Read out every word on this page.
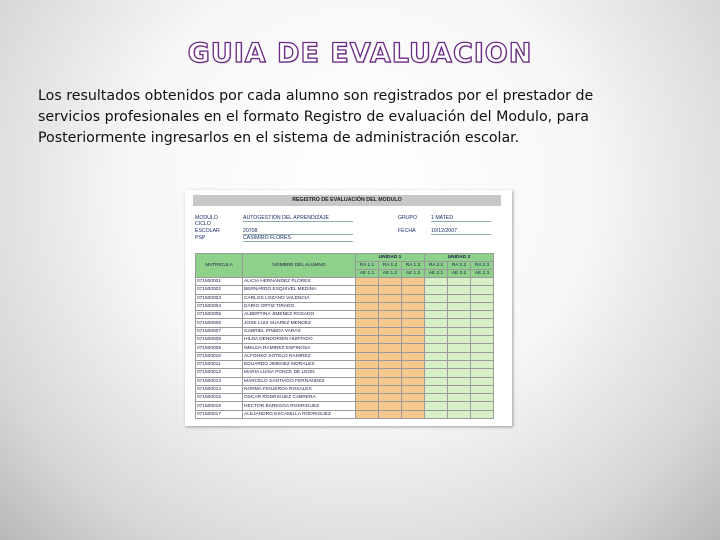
GUIA DE EVALUACION

Los resultados obtenidos por cada alumno son registrados por el prestador de

servicios profesionales en el formato Registro de evaluación del Modulo, para

Posteriormente ingresarlos en el sistema de administración escolar.

REGISTRO DE EVALUACIÓN DEL MODULO
MODULO	AUTOGESTIÓN DEL APRENDIZAJE
CICLO
ESCOLAR	20708
PSP	CASIMIRO FLORES
GRUPO	1 MATED
FECHA	10/12/2007
MATRICULA	NOMBRE DEL ALUMNO	UNIDAD 1			UNIDAD 2		
		RA 1.1	RA 1.2	RA 1.3	RA 2.1	RA 2.2	RA 2.3
		AE 1.1	AE 1.2	AE 1.3	AE 2.1	AE 2.2	AE 2.3
071500001	ALICIA HERNANDEZ FLORES						
071500002	BERNARDO ESQUIVEL MEDINA						
071500003	CARLOS LOZANO VALENCIA						
071500004	DARIO ORTIZ TIRADO						
071500005	ALBERTINA JIMENEZ ROSADO						
071500006	JOSE LUIS SUAREZ MENDEZ						
071500007	GABRIEL PINEDA VARAS						
071500008	HILDA DENDORIEN HURTADO						
071500009	IMELDA RAMIREZ ESPINOSA						
071500010	ALFONSO SOTELO RAMIREZ						
071500011	EDUARDO JIMENEZ MORALES						
071500012	MARIA LUISA PONCE DE LEON						
071500013	MARCELO SANTIAGO FERNANDEZ						
071500014	NORMA FIGUEROA ROSALES						
071500015	OSCAR RODRIGUEZ CABRERA						
071500016	HECTOR BAREGGA RODRIGUEZ						
071500017	ALEJANDRO ESCAMILLA RODRIGUEZ						
